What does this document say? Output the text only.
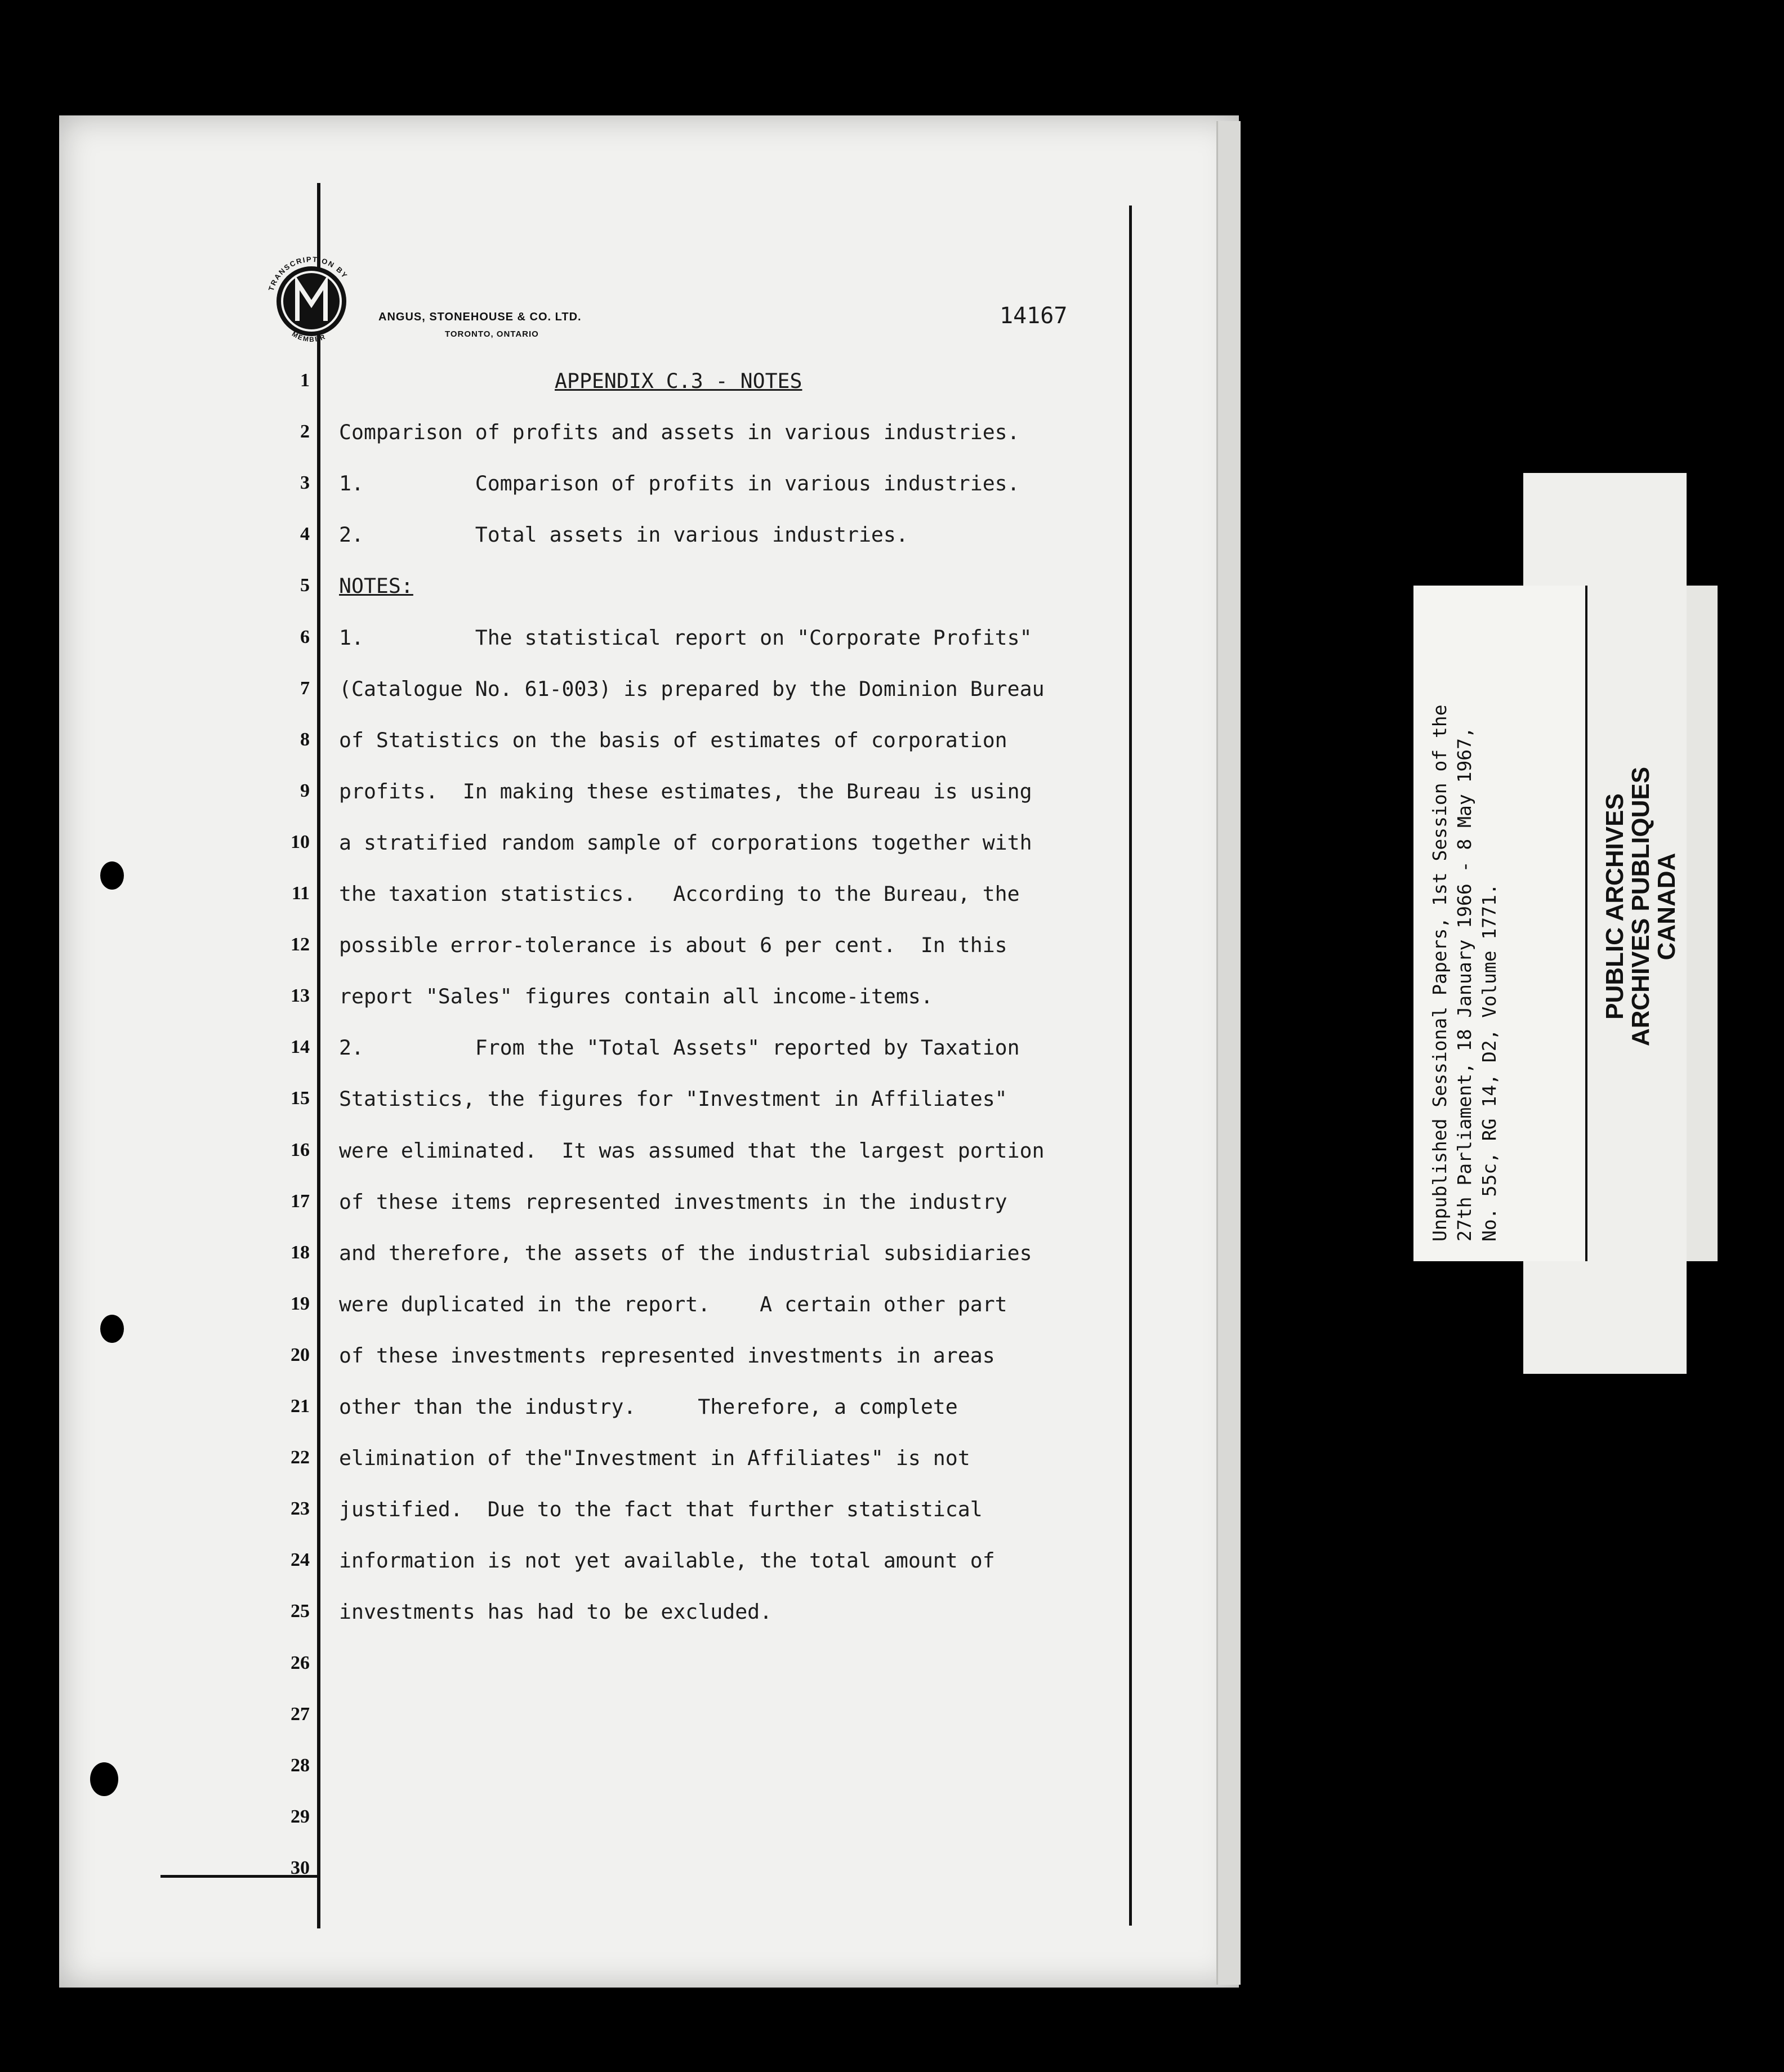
TRANSCRIPTION BY
MEMBER
ANGUS, STONEHOUSE & CO. LTD.
TORONTO, ONTARIO
14167
1	APPENDIX C.3 - NOTES
2 Comparison of profits and assets in various industries.
3 1.         Comparison of profits in various industries.
4 2.         Total assets in various industries.
5 NOTES:
6 1.         The statistical report on "Corporate Profits"
7 (Catalogue No. 61-003) is prepared by the Dominion Bureau
8 of Statistics on the basis of estimates of corporation
9 profits.  In making these estimates, the Bureau is using
10 a stratified random sample of corporations together with
11 the taxation statistics.   According to the Bureau, the
12 possible error-tolerance is about 6 per cent.  In this
13 report "Sales" figures contain all income-items.
14 2.         From the "Total Assets" reported by Taxation
15 Statistics, the figures for "Investment in Affiliates"
16 were eliminated.  It was assumed that the largest portion
17 of these items represented investments in the industry
18 and therefore, the assets of the industrial subsidiaries
19 were duplicated in the report.    A certain other part
20 of these investments represented investments in areas
21 other than the industry.     Therefore, a complete
22 elimination of the"Investment in Affiliates" is not
23 justified.  Due to the fact that further statistical
24 information is not yet available, the total amount of
25 investments has had to be excluded.
26
27
28
29
30

Unpublished Sessional Papers, 1st Session of the 27th Parliament, 18 January 1966 - 8 May 1967, No. 55c, RG 14, D2, Volume 1771.	PUBLIC ARCHIVES

ARCHIVES PUBLIQUES

CANADA
